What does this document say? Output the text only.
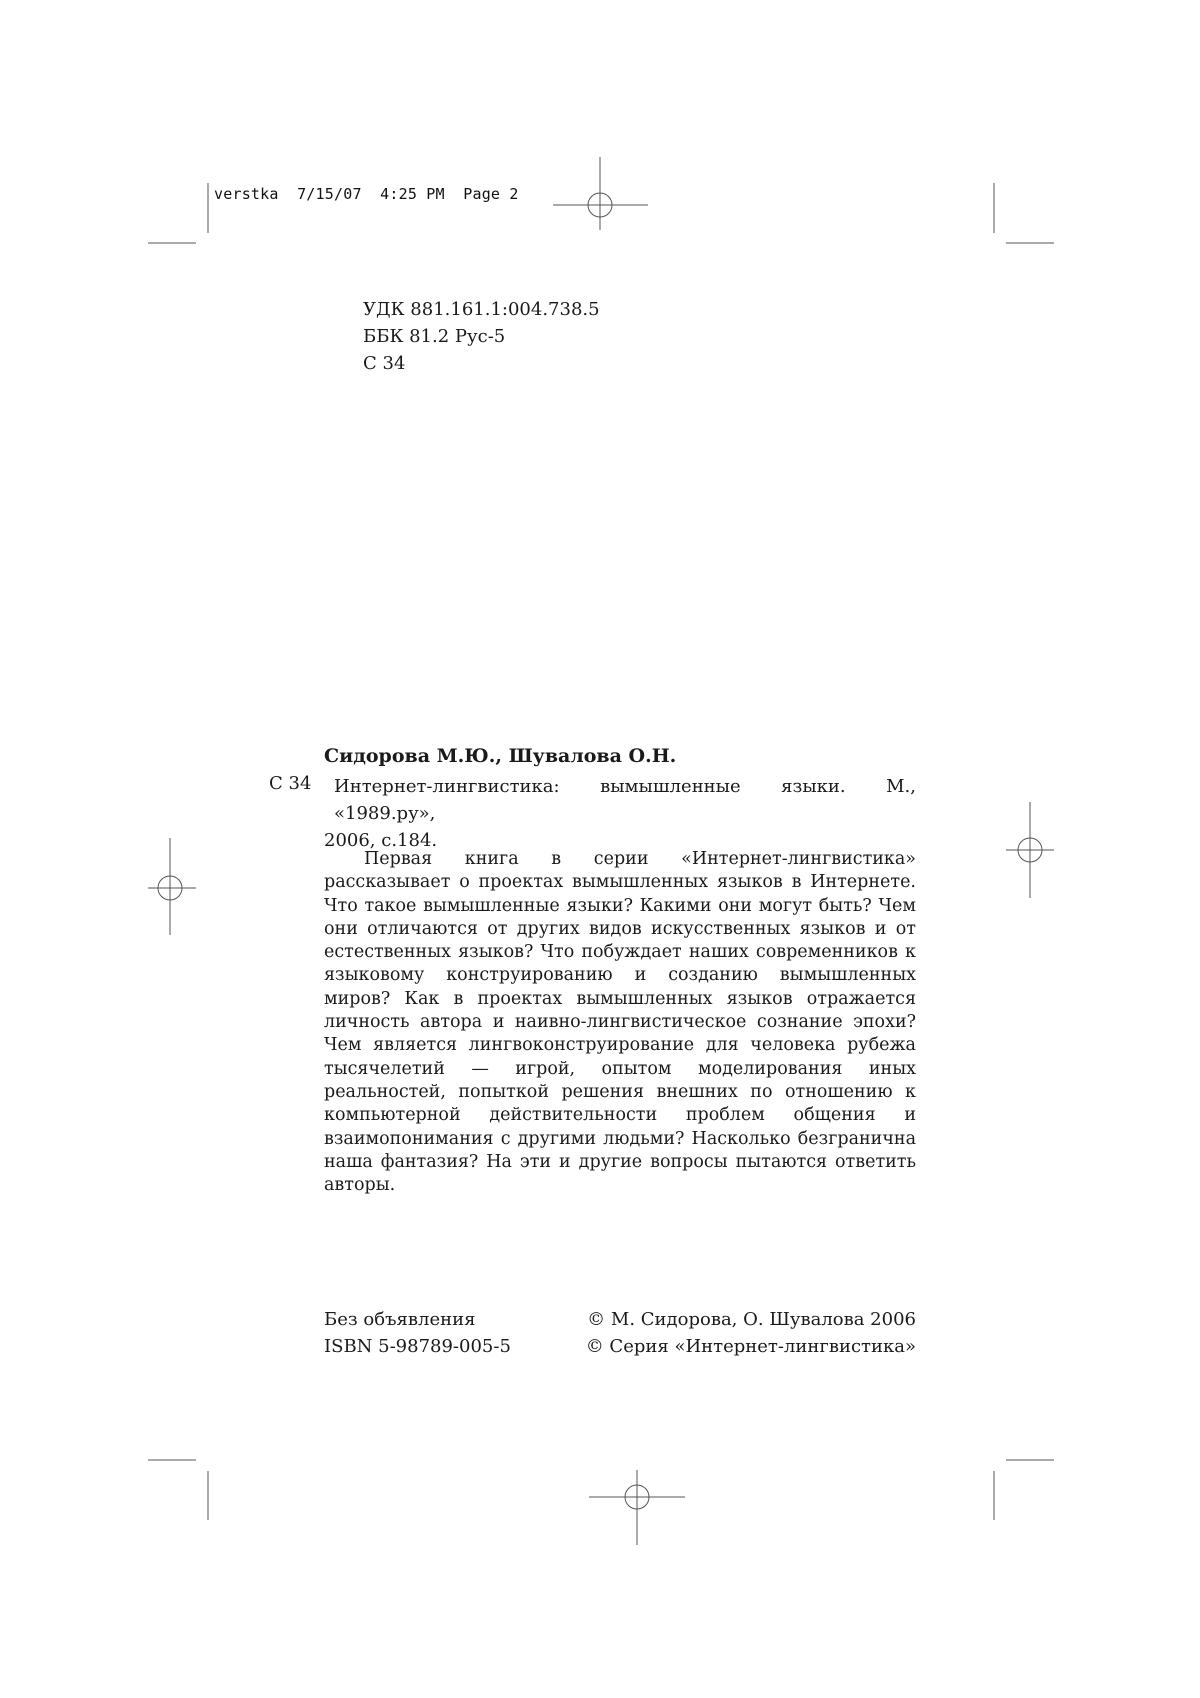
verstka  7/15/07  4:25 PM  Page 2
УДК 881.161.1:004.738.5
ББК 81.2 Рус-5
С 34
Сидорова М.Ю., Шувалова О.Н.
С 34	Интернет-лингвистика: вымышленные языки. М., «1989.ру»,
2006, с.184.
Первая книга в серии «Интернет-лингвистика» рассказывает о проектах вымышленных языков в Интернете. Что такое вымышленные языки? Какими они могут быть? Чем они отличаются от других видов искусственных языков и от естественных языков? Что побуждает наших современников к языковому конструированию и созданию вымышленных миров? Как в проектах вымышленных языков отражается личность автора и наивно-лингвистическое сознание эпохи? Чем является лингвоконструирование для человека рубежа тысячелетий — игрой, опытом моделирования иных реальностей, попыткой решения внешних по отношению к компьютерной действительности проблем общения и взаимопонимания с другими людьми? Насколько безгранична наша фантазия? На эти и другие вопросы пытаются ответить авторы.
Без объявления
ISBN 5-98789-005-5
© М. Сидорова, О. Шувалова 2006
© Серия «Интернет-лингвистика»
